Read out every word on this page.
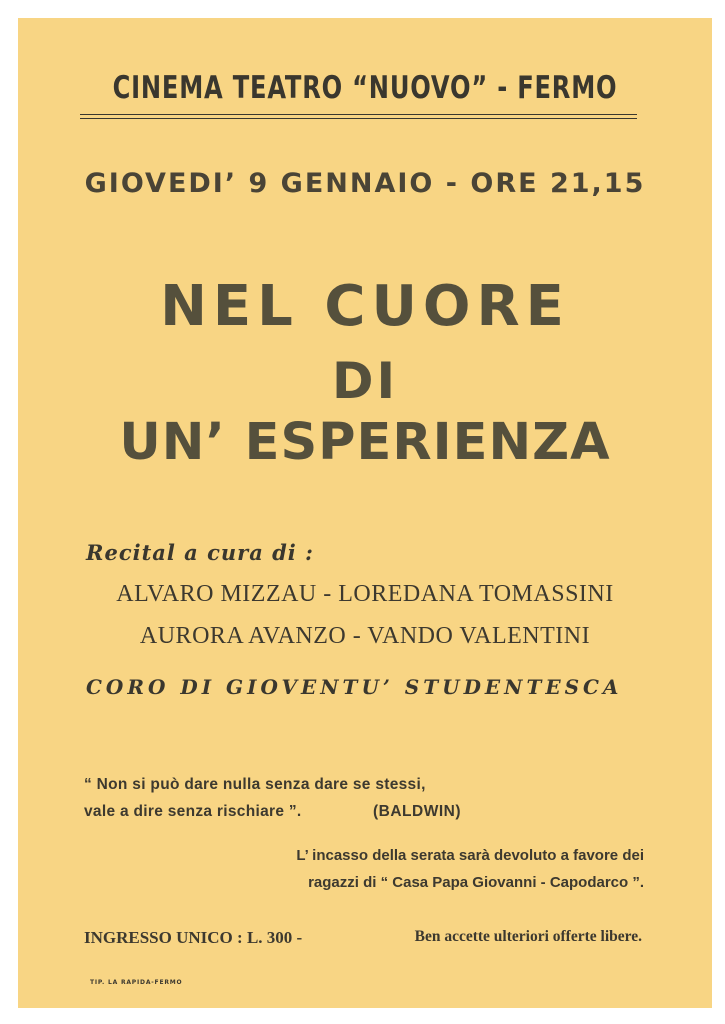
CINEMA TEATRO “NUOVO” - FERMO
GIOVEDI’ 9 GENNAIO - ORE 21,15
NEL CUORE
DI
UN’ ESPERIENZA
Recital a cura di :
ALVARO MIZZAU - LOREDANA TOMASSINI
AURORA AVANZO - VANDO VALENTINI
CORO DI GIOVENTU’ STUDENTESCA
“ Non si può dare nulla senza dare se stessi,
vale a dire senza rischiare ”.	(BALDWIN)
L’ incasso della serata sarà devoluto a favore dei
ragazzi di “ Casa Papa Giovanni - Capodarco ”.
INGRESSO UNICO : L. 300 -	Ben accette ulteriori offerte libere.
TIP. LA RAPIDA-FERMO
